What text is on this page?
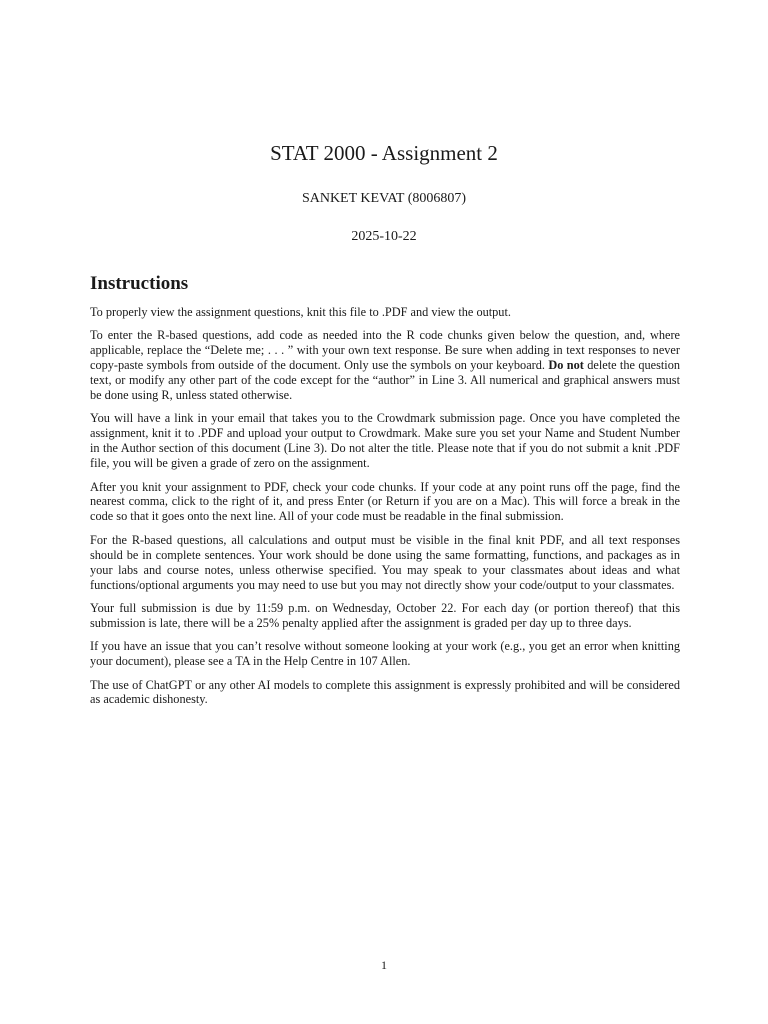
STAT 2000 - Assignment 2
SANKET KEVAT (8006807)
2025-10-22
Instructions

To properly view the assignment questions, knit this file to .PDF and view the output.

To enter the R-based questions, add code as needed into the R code chunks given below the question, and, where applicable, replace the “Delete me; . . . ” with your own text response. Be sure when adding in text responses to never copy-paste symbols from outside of the document. Only use the symbols on your keyboard. Do not delete the question text, or modify any other part of the code except for the “author” in Line 3. All numerical and graphical answers must be done using R, unless stated otherwise.

You will have a link in your email that takes you to the Crowdmark submission page. Once you have completed the assignment, knit it to .PDF and upload your output to Crowdmark. Make sure you set your Name and Student Number in the Author section of this document (Line 3). Do not alter the title. Please note that if you do not submit a knit .PDF file, you will be given a grade of zero on the assignment.

After you knit your assignment to PDF, check your code chunks. If your code at any point runs off the page, find the nearest comma, click to the right of it, and press Enter (or Return if you are on a Mac). This will force a break in the code so that it goes onto the next line. All of your code must be readable in the final submission.

For the R-based questions, all calculations and output must be visible in the final knit PDF, and all text responses should be in complete sentences. Your work should be done using the same formatting, functions, and packages as in your labs and course notes, unless otherwise specified. You may speak to your classmates about ideas and what functions/optional arguments you may need to use but you may not directly show your code/output to your classmates.

Your full submission is due by 11:59 p.m. on Wednesday, October 22. For each day (or portion thereof) that this submission is late, there will be a 25% penalty applied after the assignment is graded per day up to three days.

If you have an issue that you can’t resolve without someone looking at your work (e.g., you get an error when knitting your document), please see a TA in the Help Centre in 107 Allen.

The use of ChatGPT or any other AI models to complete this assignment is expressly prohibited and will be considered as academic dishonesty.

1
